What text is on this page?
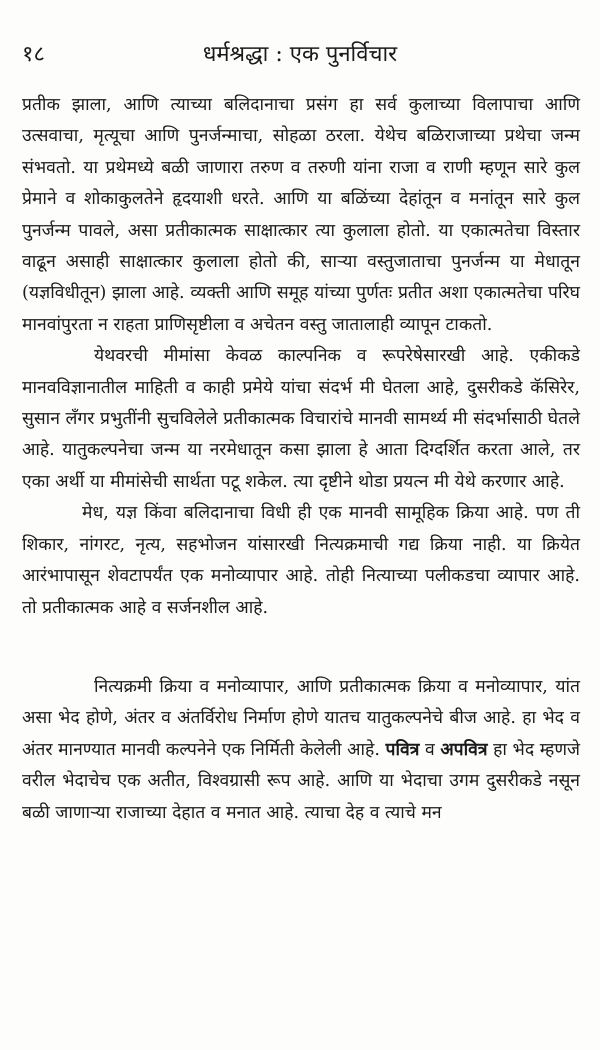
१८	धर्मश्रद्धा : एक पुनर्विचार

प्रतीक झाला, आणि त्याच्या बलिदानाचा प्रसंग हा सर्व कुलाच्या विलापाचा आणि उत्सवाचा, मृत्यूचा आणि पुनर्जन्माचा, सोहळा ठरला. येथेच बळिराजाच्या प्रथेचा जन्म संभवतो. या प्रथेमध्ये बळी जाणारा तरुण व तरुणी यांना राजा व राणी म्हणून सारे कुल प्रेमाने व शोकाकुलतेने हृदयाशी धरते. आणि या बळिंच्या देहांतून व मनांतून सारे कुल पुनर्जन्म पावले, असा प्रतीकात्मक साक्षात्कार त्या कुलाला होतो. या एकात्मतेचा विस्तार वाढून असाही साक्षात्कार कुलाला होतो की, साऱ्या वस्तुजाताचा पुनर्जन्म या मेधातून (यज्ञविधीतून) झाला आहे. व्यक्ती आणि समूह यांच्या पुर्णतः प्रतीत अशा एकात्मतेचा परिघ मानवांपुरता न राहता प्राणिसृष्टीला व अचेतन वस्तु जातालाही व्यापून टाकतो.

येथवरची मीमांसा केवळ काल्पनिक व रूपरेषेसारखी आहे. एकीकडे मानवविज्ञानातील माहिती व काही प्रमेये यांचा संदर्भ मी घेतला आहे, दुसरीकडे कॅसिरेर, सुसान लँगर प्रभुतींनी सुचविलेले प्रतीकात्मक विचारांचे मानवी सामर्थ्य मी संदर्भासाठी घेतले आहे. यातुकल्पनेचा जन्म या नरमेधातून कसा झाला हे आता दिग्दर्शित करता आले, तर एका अर्थी या मीमांसेची सार्थता पटू शकेल. त्या दृष्टीने थोडा प्रयत्न मी येथे करणार आहे.

मेध, यज्ञ किंवा बलिदानाचा विधी ही एक मानवी सामूहिक क्रिया आहे. पण ती शिकार, नांगरट, नृत्य, सहभोजन यांसारखी नित्यक्रमाची गद्य क्रिया नाही. या क्रियेत आरंभापासून शेवटापर्यंत एक मनोव्यापार आहे. तोही नित्याच्या पलीकडचा व्यापार आहे. तो प्रतीकात्मक आहे व सर्जनशील आहे.

नित्यक्रमी क्रिया व मनोव्यापार, आणि प्रतीकात्मक क्रिया व मनोव्यापार, यांत असा भेद होणे, अंतर व अंतर्विरोध निर्माण होणे यातच यातुकल्पनेचे बीज आहे. हा भेद व अंतर मानण्यात मानवी कल्पनेने एक निर्मिती केलेली आहे. पवित्र व अपवित्र हा भेद म्हणजे वरील भेदाचेच एक अतीत, विश्वग्रासी रूप आहे. आणि या भेदाचा उगम दुसरीकडे नसून बळी जाणाऱ्या राजाच्या देहात व मनात आहे. त्याचा देह व त्याचे मन
